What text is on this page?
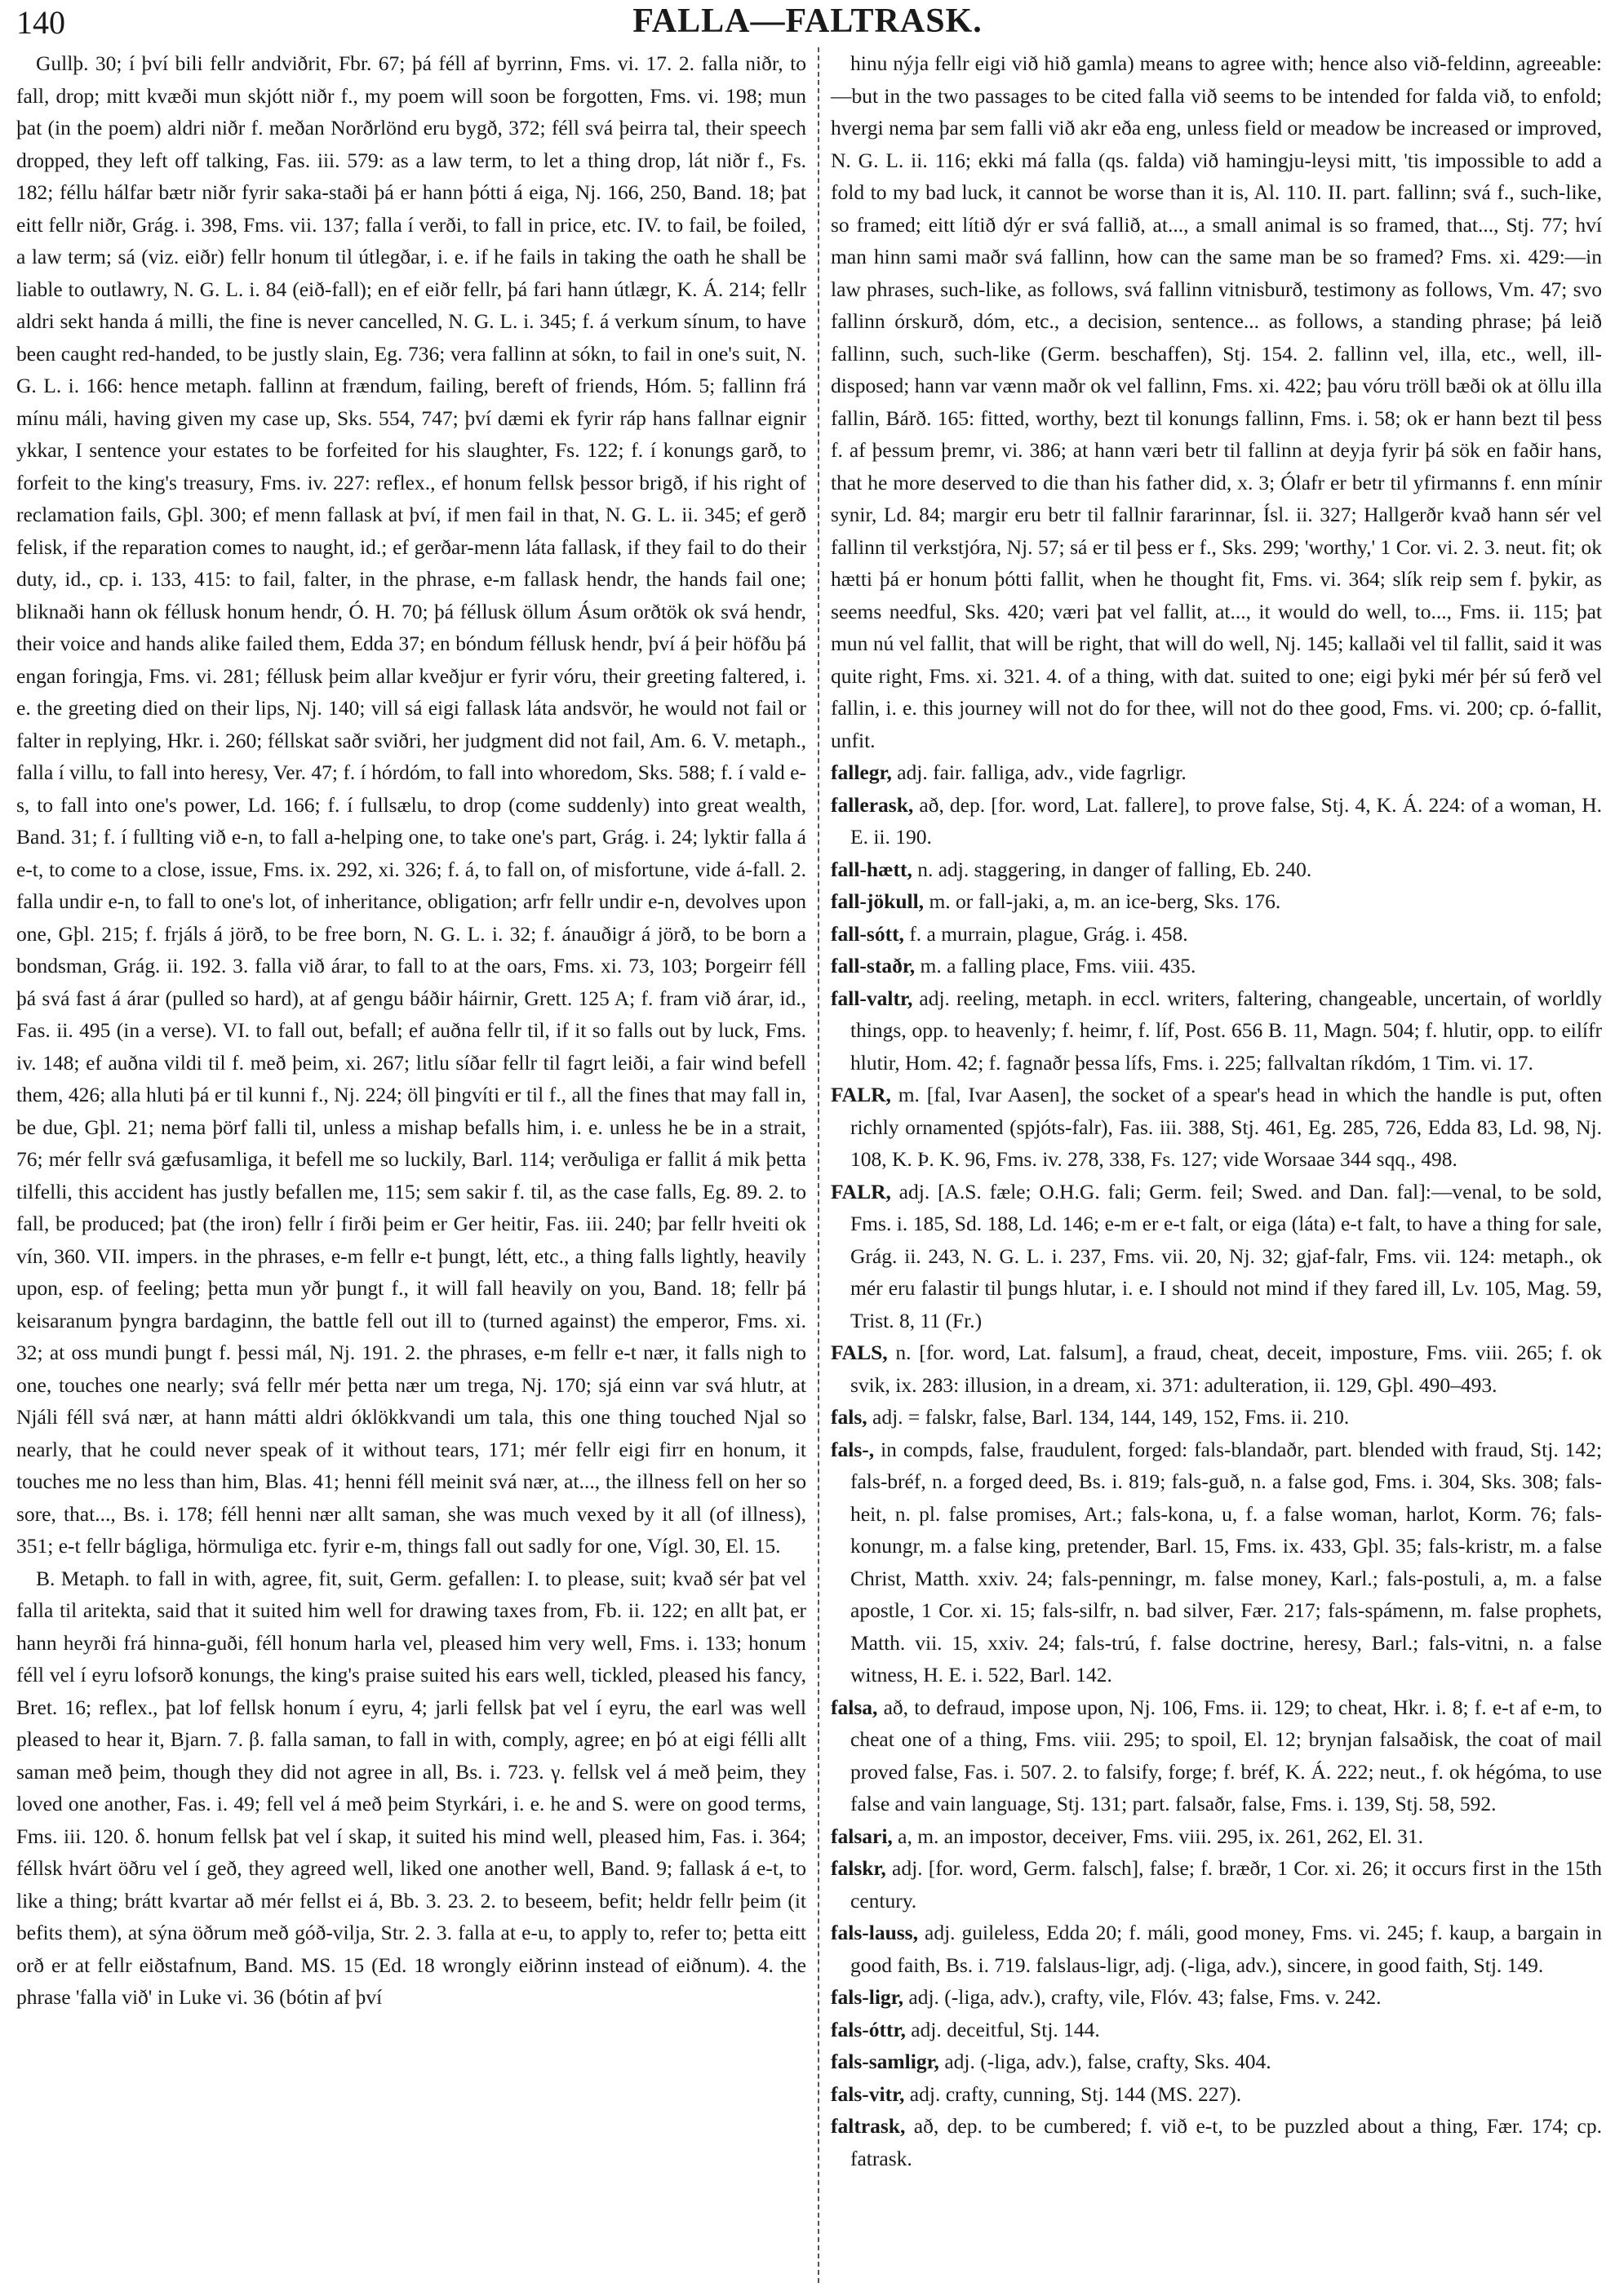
140	FALLA—FALTRASK.

Gullþ. 30; í því bili fellr andviðrit, Fbr. 67; þá féll af byrrinn, Fms. vi. 17. 2. falla niðr, to fall, drop; mitt kvæði mun skjótt niðr f., my poem will soon be forgotten, Fms. vi. 198; mun þat (in the poem) aldri niðr f. meðan Norðrlönd eru bygð, 372; féll svá þeirra tal, their speech dropped, they left off talking, Fas. iii. 579: as a law term, to let a thing drop, lát niðr f., Fs. 182; féllu hálfar bætr niðr fyrir saka-staði þá er hann þótti á eiga, Nj. 166, 250, Band. 18; þat eitt fellr niðr, Grág. i. 398, Fms. vii. 137; falla í verði, to fall in price, etc. IV. to fail, be foiled, a law term; sá (viz. eiðr) fellr honum til útlegðar, i. e. if he fails in taking the oath he shall be liable to outlawry, N. G. L. i. 84 (eið-fall); en ef eiðr fellr, þá fari hann útlægr, K. Á. 214; fellr aldri sekt handa á milli, the fine is never cancelled, N. G. L. i. 345; f. á verkum sínum, to have been caught red-handed, to be justly slain, Eg. 736; vera fallinn at sókn, to fail in one's suit, N. G. L. i. 166: hence metaph. fallinn at frændum, failing, bereft of friends, Hóm. 5; fallinn frá mínu máli, having given my case up, Sks. 554, 747; því dæmi ek fyrir ráp hans fallnar eignir ykkar, I sentence your estates to be forfeited for his slaughter, Fs. 122; f. í konungs garð, to forfeit to the king's treasury, Fms. iv. 227: reflex., ef honum fellsk þessor brigð, if his right of reclamation fails, Gþl. 300; ef menn fallask at því, if men fail in that, N. G. L. ii. 345; ef gerð felisk, if the reparation comes to naught, id.; ef gerðar-menn láta fallask, if they fail to do their duty, id., cp. i. 133, 415: to fail, falter, in the phrase, e-m fallask hendr, the hands fail one; bliknaði hann ok féllusk honum hendr, Ó. H. 70; þá féllusk öllum Ásum orðtök ok svá hendr, their voice and hands alike failed them, Edda 37; en bóndum féllusk hendr, því á þeir höfðu þá engan foringja, Fms. vi. 281; féllusk þeim allar kveðjur er fyrir vóru, their greeting faltered, i. e. the greeting died on their lips, Nj. 140; vill sá eigi fallask láta andsvör, he would not fail or falter in replying, Hkr. i. 260; féllskat saðr sviðri, her judgment did not fail, Am. 6. V. metaph., falla í villu, to fall into heresy, Ver. 47; f. í hórdóm, to fall into whoredom, Sks. 588; f. í vald e-s, to fall into one's power, Ld. 166; f. í fullsælu, to drop (come suddenly) into great wealth, Band. 31; f. í fullting við e-n, to fall a-helping one, to take one's part, Grág. i. 24; lyktir falla á e-t, to come to a close, issue, Fms. ix. 292, xi. 326; f. á, to fall on, of misfortune, vide á-fall. 2. falla undir e-n, to fall to one's lot, of inheritance, obligation; arfr fellr undir e-n, devolves upon one, Gþl. 215; f. frjáls á jörð, to be free born, N. G. L. i. 32; f. ánauðigr á jörð, to be born a bondsman, Grág. ii. 192. 3. falla við árar, to fall to at the oars, Fms. xi. 73, 103; Þorgeirr féll þá svá fast á árar (pulled so hard), at af gengu báðir háirnir, Grett. 125 A; f. fram við árar, id., Fas. ii. 495 (in a verse). VI. to fall out, befall; ef auðna fellr til, if it so falls out by luck, Fms. iv. 148; ef auðna vildi til f. með þeim, xi. 267; litlu síðar fellr til fagrt leiði, a fair wind befell them, 426; alla hluti þá er til kunni f., Nj. 224; öll þingvíti er til f., all the fines that may fall in, be due, Gþl. 21; nema þörf falli til, unless a mishap befalls him, i. e. unless he be in a strait, 76; mér fellr svá gæfusamliga, it befell me so luckily, Barl. 114; verðuliga er fallit á mik þetta tilfelli, this accident has justly befallen me, 115; sem sakir f. til, as the case falls, Eg. 89. 2. to fall, be produced; þat (the iron) fellr í firði þeim er Ger heitir, Fas. iii. 240; þar fellr hveiti ok vín, 360. VII. impers. in the phrases, e-m fellr e-t þungt, létt, etc., a thing falls lightly, heavily upon, esp. of feeling; þetta mun yðr þungt f., it will fall heavily on you, Band. 18; fellr þá keisaranum þyngra bardaginn, the battle fell out ill to (turned against) the emperor, Fms. xi. 32; at oss mundi þungt f. þessi mál, Nj. 191. 2. the phrases, e-m fellr e-t nær, it falls nigh to one, touches one nearly; svá fellr mér þetta nær um trega, Nj. 170; sjá einn var svá hlutr, at Njáli féll svá nær, at hann mátti aldri óklökkvandi um tala, this one thing touched Njal so nearly, that he could never speak of it without tears, 171; mér fellr eigi firr en honum, it touches me no less than him, Blas. 41; henni féll meinit svá nær, at..., the illness fell on her so sore, that..., Bs. i. 178; féll henni nær allt saman, she was much vexed by it all (of illness), 351; e-t fellr bágliga, hörmuliga etc. fyrir e-m, things fall out sadly for one, Vígl. 30, El. 15.

B. Metaph. to fall in with, agree, fit, suit, Germ. gefallen: I. to please, suit; kvað sér þat vel falla til aritekta, said that it suited him well for drawing taxes from, Fb. ii. 122; en allt þat, er hann heyrði frá hinna-guði, féll honum harla vel, pleased him very well, Fms. i. 133; honum féll vel í eyru lofsorð konungs, the king's praise suited his ears well, tickled, pleased his fancy, Bret. 16; reflex., þat lof fellsk honum í eyru, 4; jarli fellsk þat vel í eyru, the earl was well pleased to hear it, Bjarn. 7. β. falla saman, to fall in with, comply, agree; en þó at eigi félli allt saman með þeim, though they did not agree in all, Bs. i. 723. γ. fellsk vel á með þeim, they loved one another, Fas. i. 49; fell vel á með þeim Styrkári, i. e. he and S. were on good terms, Fms. iii. 120. δ. honum fellsk þat vel í skap, it suited his mind well, pleased him, Fas. i. 364; féllsk hvárt öðru vel í geð, they agreed well, liked one another well, Band. 9; fallask á e-t, to like a thing; brátt kvartar að mér fellst ei á, Bb. 3. 23. 2. to beseem, befit; heldr fellr þeim (it befits them), at sýna öðrum með góð-vilja, Str. 2. 3. falla at e-u, to apply to, refer to; þetta eitt orð er at fellr eiðstafnum, Band. MS. 15 (Ed. 18 wrongly eiðrinn instead of eiðnum). 4. the phrase 'falla við' in Luke vi. 36 (bótin af því

hinu nýja fellr eigi við hið gamla) means to agree with; hence also við-feldinn, agreeable:—but in the two passages to be cited falla við seems to be intended for falda við, to enfold; hvergi nema þar sem falli við akr eða eng, unless field or meadow be increased or improved, N. G. L. ii. 116; ekki má falla (qs. falda) við hamingju-leysi mitt, 'tis impossible to add a fold to my bad luck, it cannot be worse than it is, Al. 110. II. part. fallinn; svá f., such-like, so framed; eitt lítið dýr er svá fallið, at..., a small animal is so framed, that..., Stj. 77; hví man hinn sami maðr svá fallinn, how can the same man be so framed? Fms. xi. 429:—in law phrases, such-like, as follows, svá fallinn vitnisburð, testimony as follows, Vm. 47; svo fallinn órskurð, dóm, etc., a decision, sentence... as follows, a standing phrase; þá leið fallinn, such, such-like (Germ. beschaffen), Stj. 154. 2. fallinn vel, illa, etc., well, ill-disposed; hann var vænn maðr ok vel fallinn, Fms. xi. 422; þau vóru tröll bæði ok at öllu illa fallin, Bárð. 165: fitted, worthy, bezt til konungs fallinn, Fms. i. 58; ok er hann bezt til þess f. af þessum þremr, vi. 386; at hann væri betr til fallinn at deyja fyrir þá sök en faðir hans, that he more deserved to die than his father did, x. 3; Ólafr er betr til yfirmanns f. enn mínir synir, Ld. 84; margir eru betr til fallnir fararinnar, Ísl. ii. 327; Hallgerðr kvað hann sér vel fallinn til verkstjóra, Nj. 57; sá er til þess er f., Sks. 299; 'worthy,' 1 Cor. vi. 2. 3. neut. fit; ok hætti þá er honum þótti fallit, when he thought fit, Fms. vi. 364; slík reip sem f. þykir, as seems needful, Sks. 420; væri þat vel fallit, at..., it would do well, to..., Fms. ii. 115; þat mun nú vel fallit, that will be right, that will do well, Nj. 145; kallaði vel til fallit, said it was quite right, Fms. xi. 321. 4. of a thing, with dat. suited to one; eigi þyki mér þér sú ferð vel fallin, i. e. this journey will not do for thee, will not do thee good, Fms. vi. 200; cp. ó-fallit, unfit.

fallegr, adj. fair. falliga, adv., vide fagrligr.

fallerask, að, dep. [for. word, Lat. fallere], to prove false, Stj. 4, K. Á. 224: of a woman, H. E. ii. 190.

fall-hætt, n. adj. staggering, in danger of falling, Eb. 240.

fall-jökull, m. or fall-jaki, a, m. an ice-berg, Sks. 176.

fall-sótt, f. a murrain, plague, Grág. i. 458.

fall-staðr, m. a falling place, Fms. viii. 435.

fall-valtr, adj. reeling, metaph. in eccl. writers, faltering, changeable, uncertain, of worldly things, opp. to heavenly; f. heimr, f. líf, Post. 656 B. 11, Magn. 504; f. hlutir, opp. to eilífr hlutir, Hom. 42; f. fagnaðr þessa lífs, Fms. i. 225; fallvaltan ríkdóm, 1 Tim. vi. 17.

FALR, m. [fal, Ivar Aasen], the socket of a spear's head in which the handle is put, often richly ornamented (spjóts-falr), Fas. iii. 388, Stj. 461, Eg. 285, 726, Edda 83, Ld. 98, Nj. 108, K. Þ. K. 96, Fms. iv. 278, 338, Fs. 127; vide Worsaae 344 sqq., 498.

FALR, adj. [A.S. fæle; O.H.G. fali; Germ. feil; Swed. and Dan. fal]:—venal, to be sold, Fms. i. 185, Sd. 188, Ld. 146; e-m er e-t falt, or eiga (láta) e-t falt, to have a thing for sale, Grág. ii. 243, N. G. L. i. 237, Fms. vii. 20, Nj. 32; gjaf-falr, Fms. vii. 124: metaph., ok mér eru falastir til þungs hlutar, i. e. I should not mind if they fared ill, Lv. 105, Mag. 59, Trist. 8, 11 (Fr.)

FALS, n. [for. word, Lat. falsum], a fraud, cheat, deceit, imposture, Fms. viii. 265; f. ok svik, ix. 283: illusion, in a dream, xi. 371: adulteration, ii. 129, Gþl. 490–493.

fals, adj. = falskr, false, Barl. 134, 144, 149, 152, Fms. ii. 210.

fals-, in compds, false, fraudulent, forged: fals-blandaðr, part. blended with fraud, Stj. 142; fals-bréf, n. a forged deed, Bs. i. 819; fals-guð, n. a false god, Fms. i. 304, Sks. 308; fals-heit, n. pl. false promises, Art.; fals-kona, u, f. a false woman, harlot, Korm. 76; fals-konungr, m. a false king, pretender, Barl. 15, Fms. ix. 433, Gþl. 35; fals-kristr, m. a false Christ, Matth. xxiv. 24; fals-penningr, m. false money, Karl.; fals-postuli, a, m. a false apostle, 1 Cor. xi. 15; fals-silfr, n. bad silver, Fær. 217; fals-spámenn, m. false prophets, Matth. vii. 15, xxiv. 24; fals-trú, f. false doctrine, heresy, Barl.; fals-vitni, n. a false witness, H. E. i. 522, Barl. 142.

falsa, að, to defraud, impose upon, Nj. 106, Fms. ii. 129; to cheat, Hkr. i. 8; f. e-t af e-m, to cheat one of a thing, Fms. viii. 295; to spoil, El. 12; brynjan falsaðisk, the coat of mail proved false, Fas. i. 507. 2. to falsify, forge; f. bréf, K. Á. 222; neut., f. ok hégóma, to use false and vain language, Stj. 131; part. falsaðr, false, Fms. i. 139, Stj. 58, 592.

falsari, a, m. an impostor, deceiver, Fms. viii. 295, ix. 261, 262, El. 31.

falskr, adj. [for. word, Germ. falsch], false; f. bræðr, 1 Cor. xi. 26; it occurs first in the 15th century.

fals-lauss, adj. guileless, Edda 20; f. máli, good money, Fms. vi. 245; f. kaup, a bargain in good faith, Bs. i. 719. falslaus-ligr, adj. (-liga, adv.), sincere, in good faith, Stj. 149.

fals-ligr, adj. (-liga, adv.), crafty, vile, Flóv. 43; false, Fms. v. 242.

fals-óttr, adj. deceitful, Stj. 144.

fals-samligr, adj. (-liga, adv.), false, crafty, Sks. 404.

fals-vitr, adj. crafty, cunning, Stj. 144 (MS. 227).

faltrask, að, dep. to be cumbered; f. við e-t, to be puzzled about a thing, Fær. 174; cp. fatrask.
